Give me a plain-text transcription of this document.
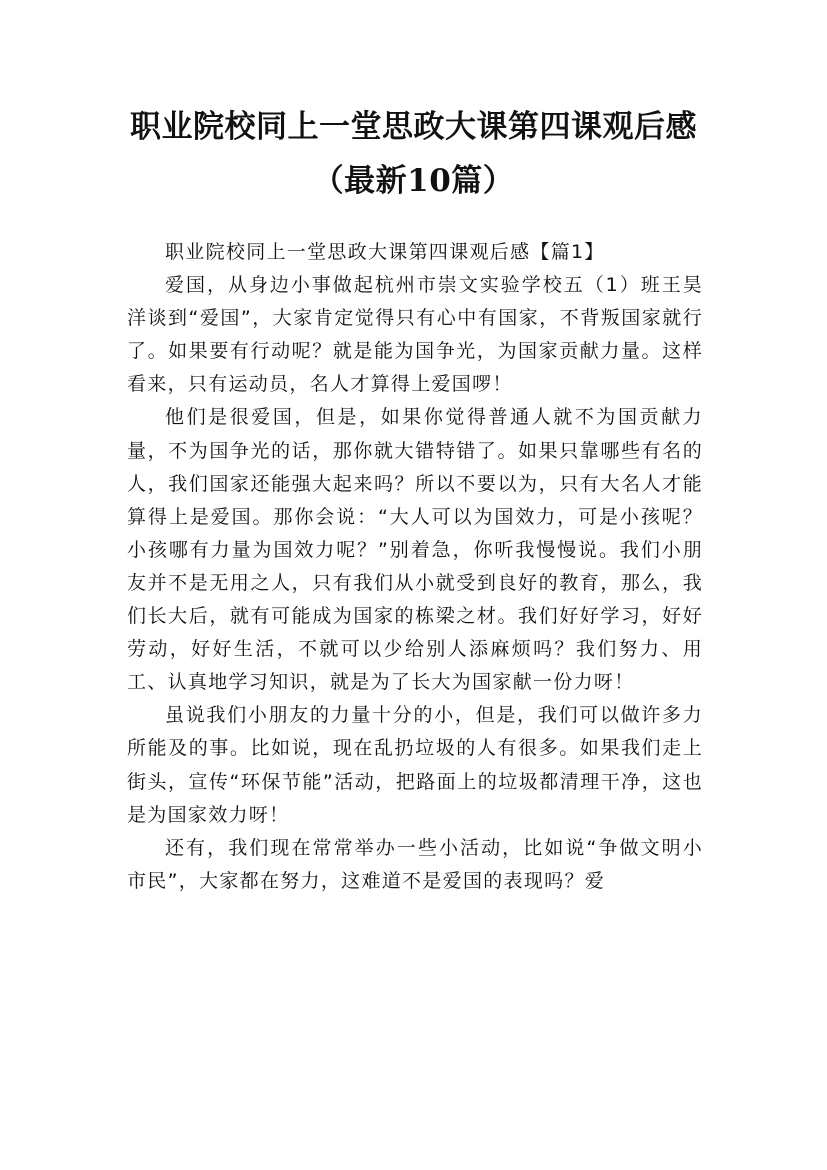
职业院校同上一堂思政大课第四课观后感
（最新10篇）

职业院校同上一堂思政大课第四课观后感【篇1】

爱国，从身边小事做起杭州市崇文实验学校五（1）班王昊洋谈到“爱国”，大家肯定觉得只有心中有国家，不背叛国家就行了。如果要有行动呢？就是能为国争光，为国家贡献力量。这样看来，只有运动员，名人才算得上爱国啰！

他们是很爱国，但是，如果你觉得普通人就不为国贡献力量，不为国争光的话，那你就大错特错了。如果只靠哪些有名的人，我们国家还能强大起来吗？所以不要以为，只有大名人才能算得上是爱国。那你会说：“大人可以为国效力，可是小孩呢？小孩哪有力量为国效力呢？”别着急，你听我慢慢说。我们小朋友并不是无用之人，只有我们从小就受到良好的教育，那么，我们长大后，就有可能成为国家的栋梁之材。我们好好学习，好好劳动，好好生活，不就可以少给别人添麻烦吗？我们努力、用工、认真地学习知识，就是为了长大为国家献一份力呀！

虽说我们小朋友的力量十分的小，但是，我们可以做许多力所能及的事。比如说，现在乱扔垃圾的人有很多。如果我们走上街头，宣传“环保节能”活动，把路面上的垃圾都清理干净，这也是为国家效力呀！

还有，我们现在常常举办一些小活动，比如说“争做文明小市民”，大家都在努力，这难道不是爱国的表现吗？爱
